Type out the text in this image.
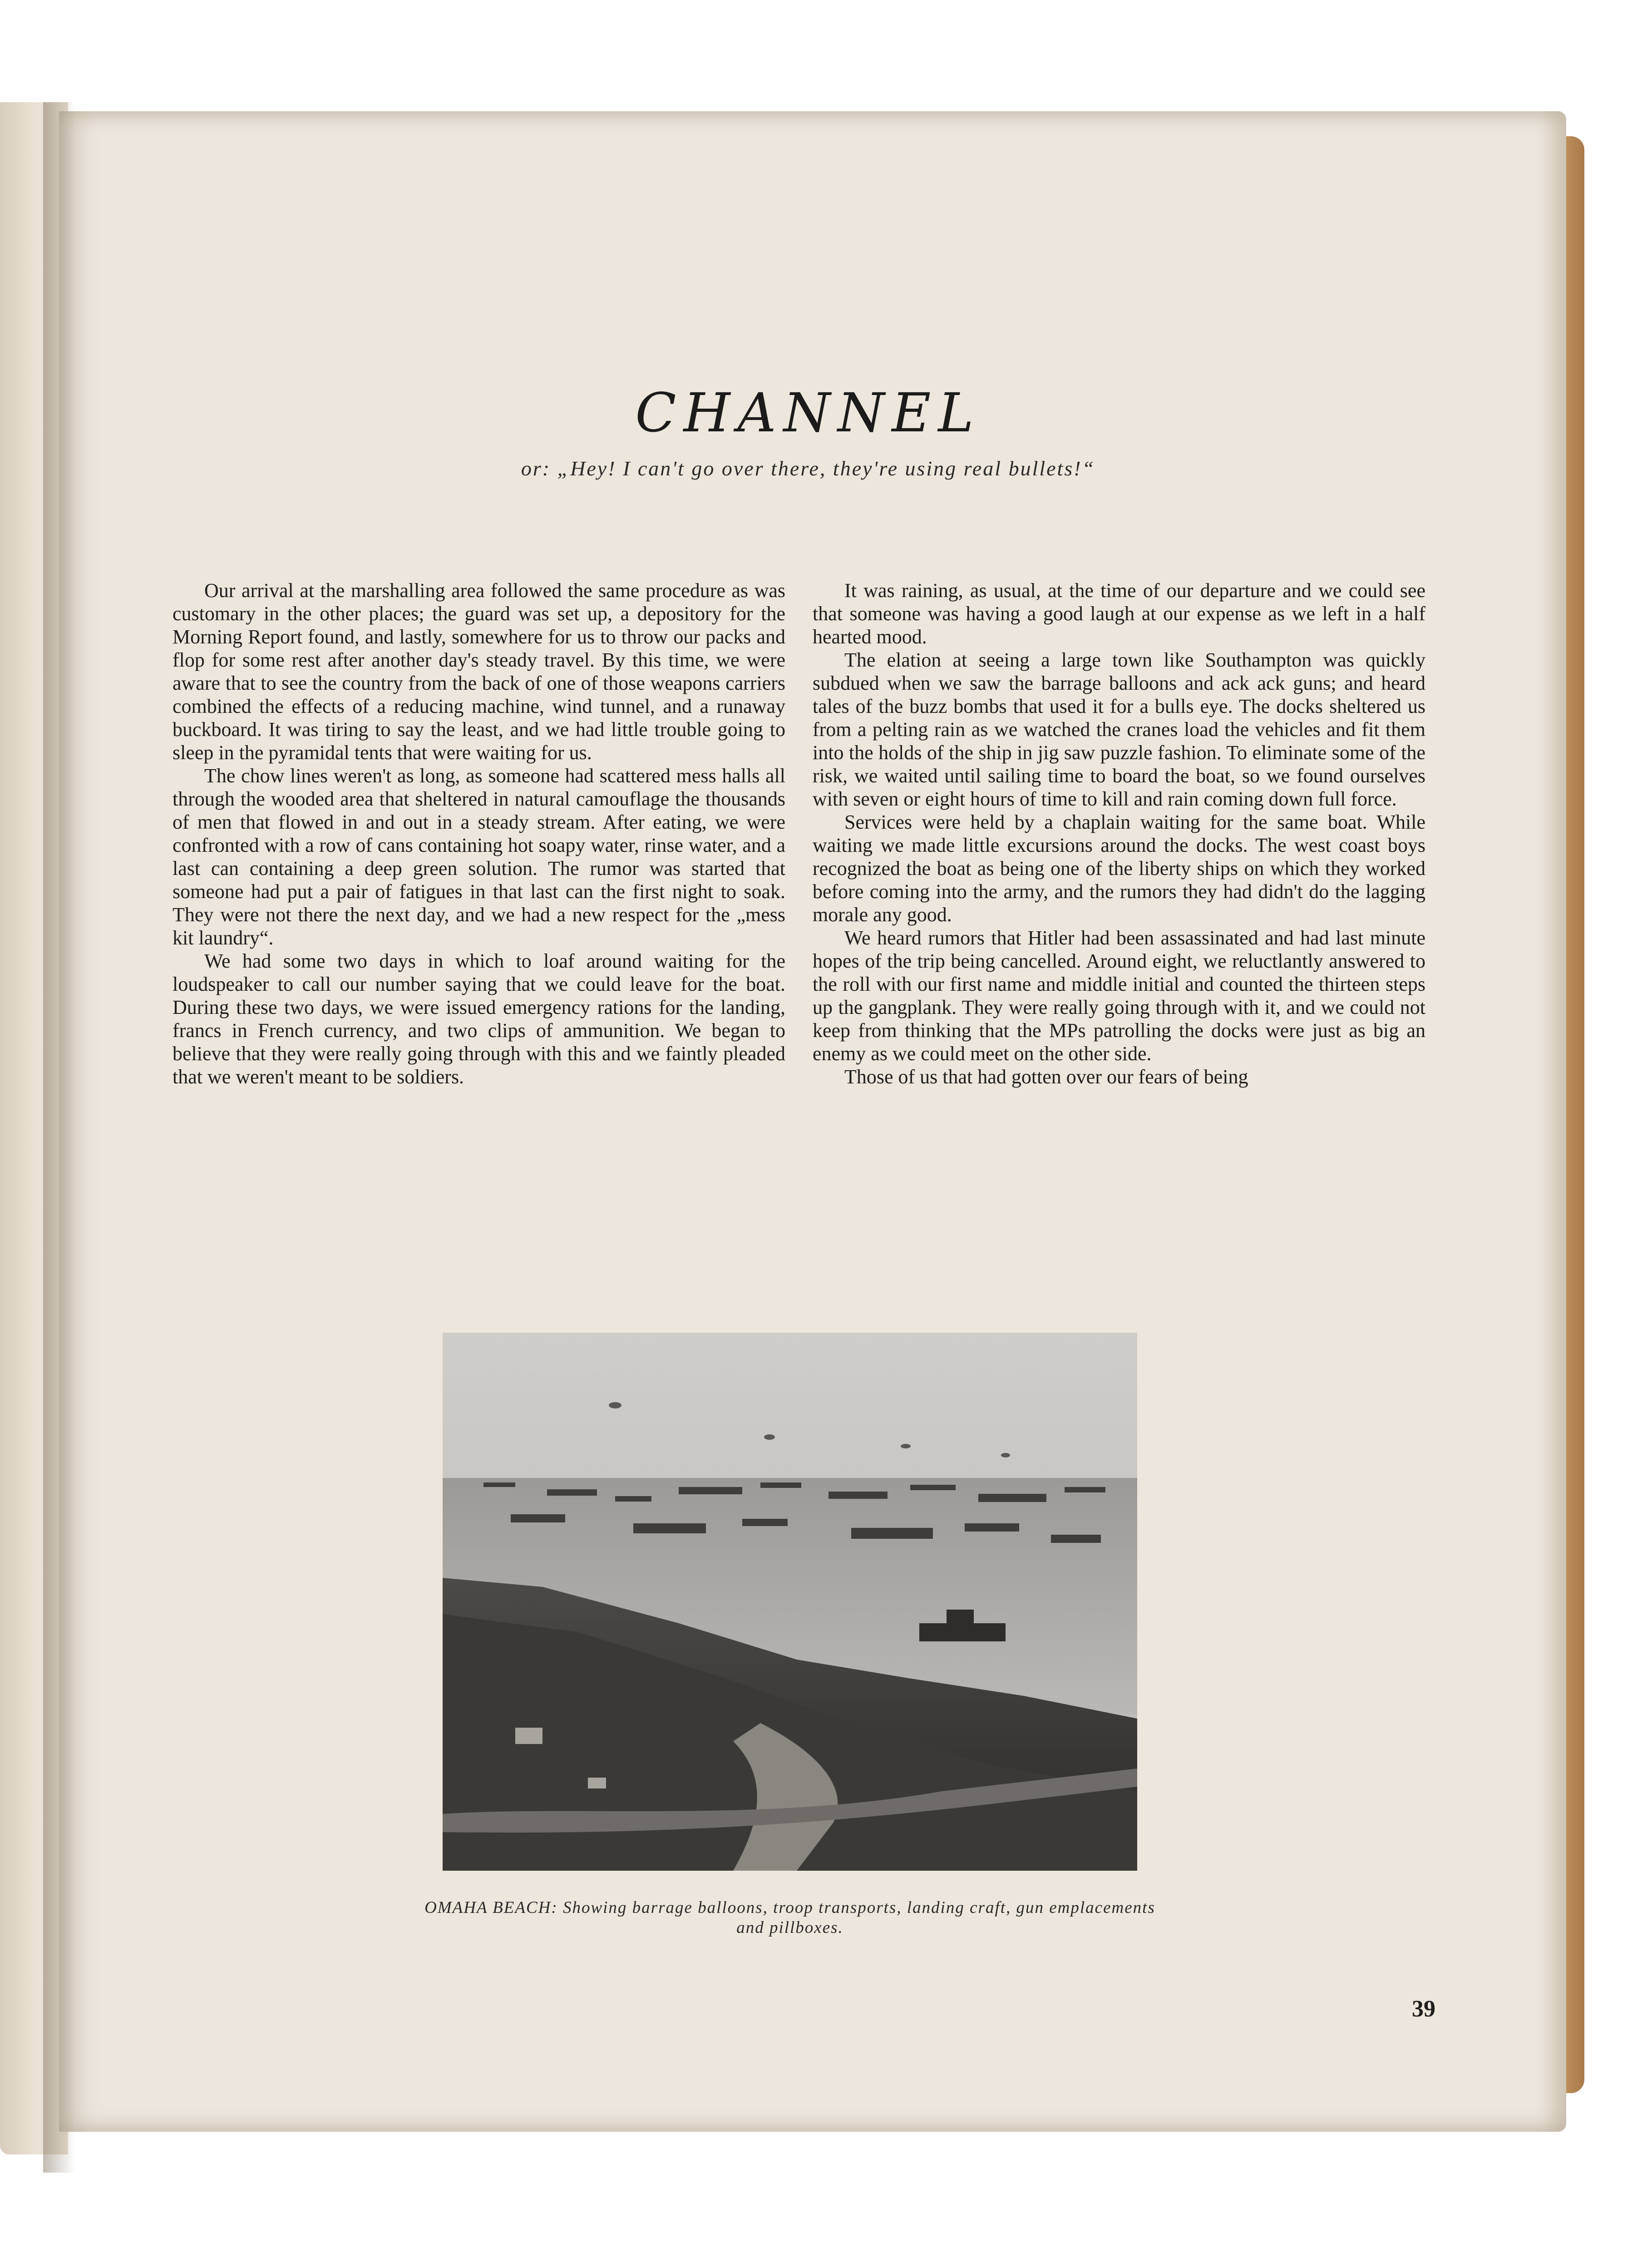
CHANNEL
or: „Hey! I can't go over there, they're using real bullets!“

Our arrival at the marshalling area followed the same procedure as was customary in the other places; the guard was set up, a depository for the Morning Report found, and lastly, somewhere for us to throw our packs and flop for some rest after another day's steady travel. By this time, we were aware that to see the country from the back of one of those weapons carriers combined the effects of a reducing machine, wind tunnel, and a runaway buckboard. It was tiring to say the least, and we had little trouble going to sleep in the pyramidal tents that were waiting for us.

The chow lines weren't as long, as someone had scattered mess halls all through the wooded area that sheltered in natural camouflage the thousands of men that flowed in and out in a steady stream. After eating, we were confronted with a row of cans containing hot soapy water, rinse water, and a last can containing a deep green solution. The rumor was started that someone had put a pair of fatigues in that last can the first night to soak. They were not there the next day, and we had a new respect for the „mess kit laundry“.

We had some two days in which to loaf around waiting for the loudspeaker to call our number saying that we could leave for the boat. During these two days, we were issued emergency rations for the landing, francs in French currency, and two clips of ammunition. We began to believe that they were really going through with this and we faintly pleaded that we weren't meant to be soldiers.

It was raining, as usual, at the time of our departure and we could see that someone was having a good laugh at our expense as we left in a half hearted mood.

The elation at seeing a large town like Southampton was quickly subdued when we saw the barrage balloons and ack ack guns; and heard tales of the buzz bombs that used it for a bulls eye. The docks sheltered us from a pelting rain as we watched the cranes load the vehicles and fit them into the holds of the ship in jig saw puzzle fashion. To eliminate some of the risk, we waited until sailing time to board the boat, so we found ourselves with seven or eight hours of time to kill and rain coming down full force.

Services were held by a chaplain waiting for the same boat. While waiting we made little excursions around the docks. The west coast boys recognized the boat as being one of the liberty ships on which they worked before coming into the army, and the rumors they had didn't do the lagging morale any good.

We heard rumors that Hitler had been assassinated and had last minute hopes of the trip being cancelled. Around eight, we reluctlantly answered to the roll with our first name and middle initial and counted the thirteen steps up the gangplank. They were really going through with it, and we could not keep from thinking that the MPs patrolling the docks were just as big an enemy as we could meet on the other side.

Those of us that had gotten over our fears of being

OMAHA BEACH: Showing barrage balloons, troop transports, landing craft, gun emplacements and pillboxes.
39
